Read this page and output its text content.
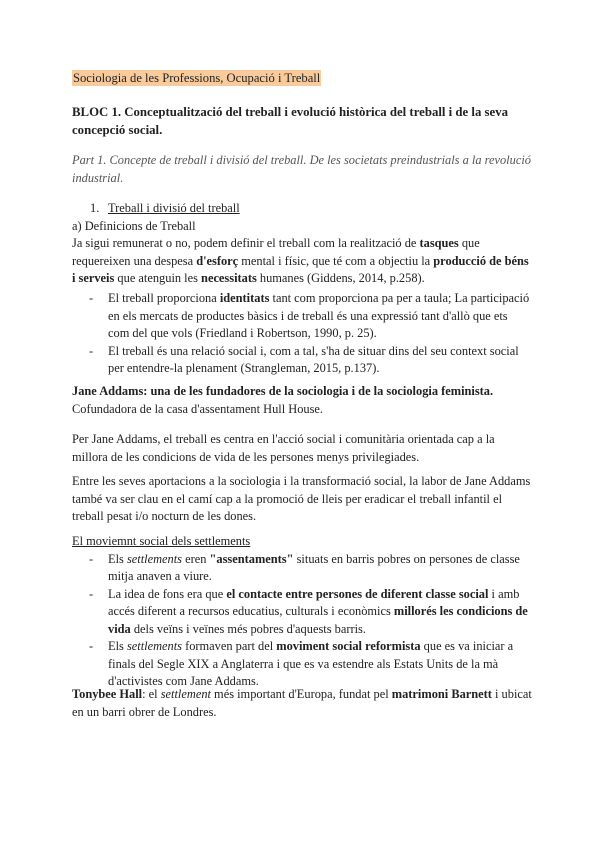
Sociologia de les Professions, Ocupació i Treball
BLOC 1. Conceptualització del treball i evolució històrica del treball i de la seva concepció social.
Part 1. Concepte de treball i divisió del treball. De les societats preindustrials a la revolució industrial.
1. Treball i divisió del treball
a) Definicions de Treball
Ja sigui remunerat o no, podem definir el treball com la realització de tasques que requereixen una despesa d'esforç mental i físic, que té com a objectiu la producció de béns i serveis que atenguin les necessitats humanes (Giddens, 2014, p.258).
- El treball proporciona identitats tant com proporciona pa per a taula; La participació en els mercats de productes bàsics i de treball és una expressió tant d'allò que ets com del que vols (Friedland i Robertson, 1990, p. 25).
- El treball és una relació social i, com a tal, s'ha de situar dins del seu context social per entendre-la plenament (Strangleman, 2015, p.137).
Jane Addams: una de les fundadores de la sociologia i de la sociologia feminista.
Cofundadora de la casa d'assentament Hull House.
Per Jane Addams, el treball es centra en l'acció social i comunitària orientada cap a la millora de les condicions de vida de les persones menys privilegiades.
Entre les seves aportacions a la sociologia i la transformació social, la labor de Jane Addams també va ser clau en el camí cap a la promoció de lleis per eradicar el treball infantil el treball pesat i/o nocturn de les dones.
El moviemnt social dels settlements
- Els settlements eren "assentaments" situats en barris pobres on persones de classe mitja anaven a viure.
- La idea de fons era que el contacte entre persones de diferent classe social i amb accés diferent a recursos educatius, culturals i econòmics millorés les condicions de vida dels veïns i veïnes més pobres d'aquests barris.
- Els settlements formaven part del moviment social reformista que es va iniciar a finals del Segle XIX a Anglaterra i que es va estendre als Estats Units de la mà d'activistes com Jane Addams.
Tonybee Hall: el settlement més important d'Europa, fundat pel matrimoni Barnett i ubicat en un barri obrer de Londres.
